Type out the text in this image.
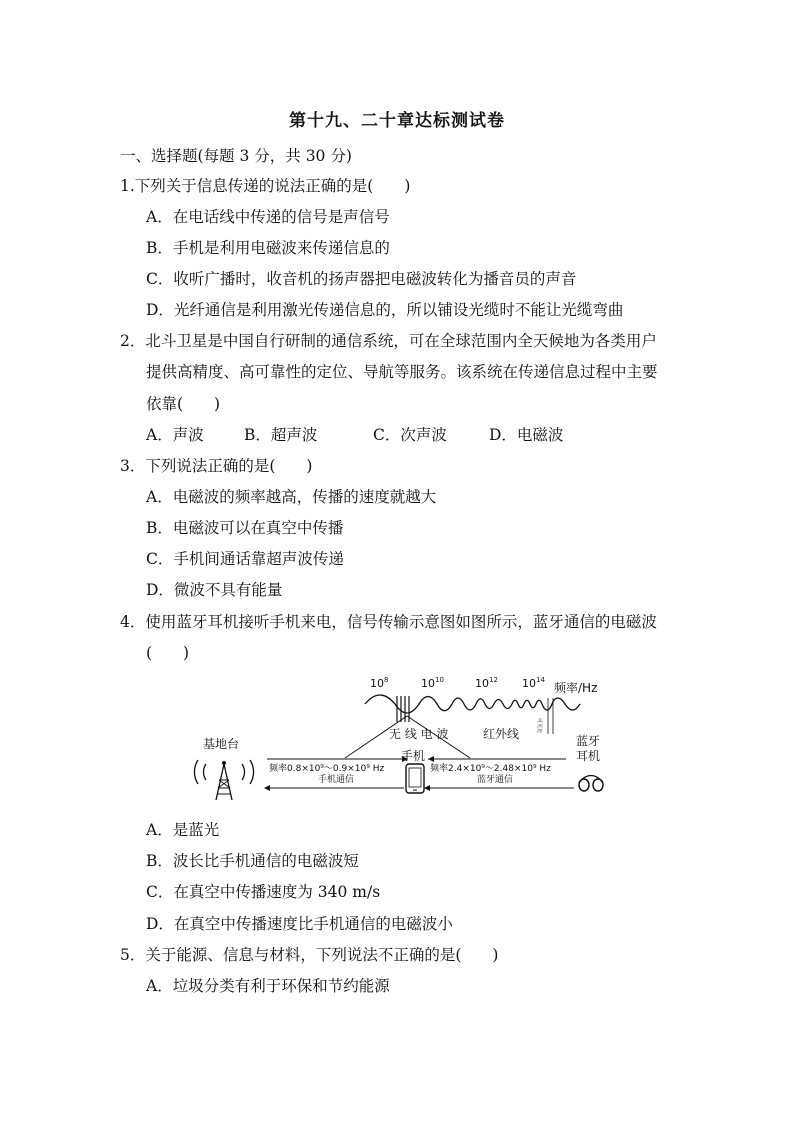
第十九、二十章达标测试卷
一、选择题(每题 3 分，共 30 分)
1.下列关于信息传递的说法正确的是(　　)
A．在电话线中传递的信号是声信号
B．手机是利用电磁波来传递信息的
C．收听广播时，收音机的扬声器把电磁波转化为播音员的声音
D．光纤通信是利用激光传递信息的，所以铺设光缆时不能让光缆弯曲
2．北斗卫星是中国自行研制的通信系统，可在全球范围内全天候地为各类用户
提供高精度、高可靠性的定位、导航等服务。该系统在传递信息过程中主要
依靠(　　)
A．声波	B．超声波	C．次声波	D．电磁波
3．下列说法正确的是(　　)
A．电磁波的频率越高，传播的速度就越大
B．电磁波可以在真空中传播
C．手机间通话靠超声波传递
D．微波不具有能量
4．使用蓝牙耳机接听手机来电，信号传输示意图如图所示，蓝牙通信的电磁波
(　　)
$10^8$	$10^{10}$	$10^{12}$ $10^{14}$
频率/Hz
可见光
无 线 电 波	红外线
基地台
频率0.8×10⁹～0.9×10⁹ Hz
手机通信
手机
频率2.4×10⁹～2.48×10⁹ Hz
蓝牙通信
蓝牙
耳机
A．是蓝光
B．波长比手机通信的电磁波短
C．在真空中传播速度为 340 m/s
D．在真空中传播速度比手机通信的电磁波小
5．关于能源、信息与材料，下列说法不正确的是(　　)
A．垃圾分类有利于环保和节约能源
